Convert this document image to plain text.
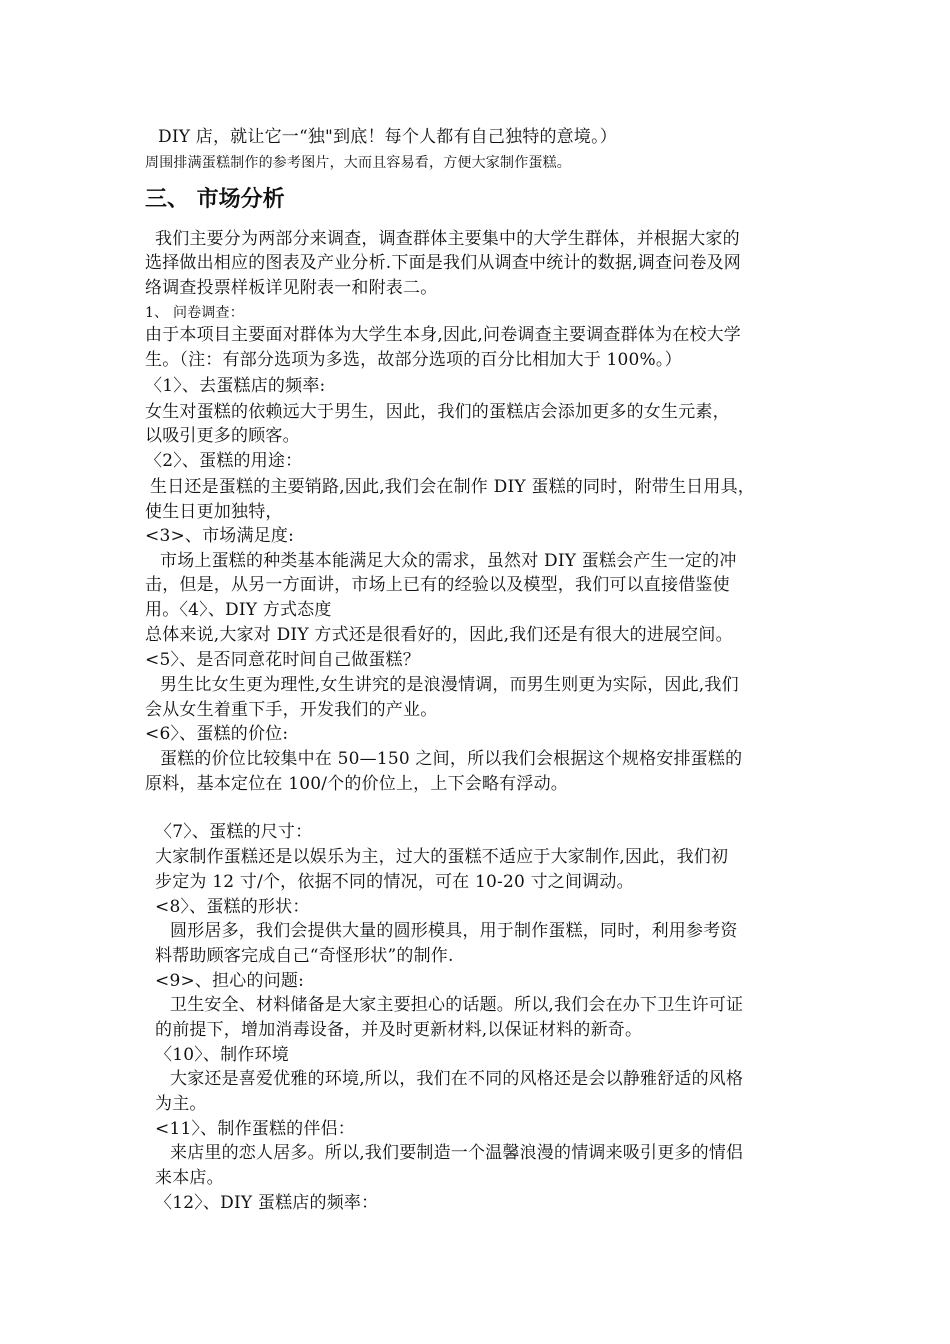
DIY 店，就让它一“独"到底！每个人都有自己独特的意境。）
周围排满蛋糕制作的参考图片，大而且容易看，方便大家制作蛋糕。
三、 市场分析
我们主要分为两部分来调查，调查群体主要集中的大学生群体，并根据大家的
选择做出相应的图表及产业分析.下面是我们从调查中统计的数据,调查问卷及网
络调查投票样板详见附表一和附表二。
1、 问卷调查：
由于本项目主要面对群体为大学生本身,因此,问卷调查主要调查群体为在校大学
生。（注：有部分选项为多选，故部分选项的百分比相加大于 100%。）
〈1〉、去蛋糕店的频率:
女生对蛋糕的依赖远大于男生，因此，我们的蛋糕店会添加更多的女生元素，
以吸引更多的顾客。
〈2〉、蛋糕的用途：
生日还是蛋糕的主要销路,因此,我们会在制作 DIY 蛋糕的同时，附带生日用具，
使生日更加独特，
<3>、市场满足度:
市场上蛋糕的种类基本能满足大众的需求，虽然对 DIY 蛋糕会产生一定的冲
击，但是，从另一方面讲，市场上已有的经验以及模型，我们可以直接借鉴使
用。〈4〉、DIY 方式态度
总体来说,大家对 DIY 方式还是很看好的，因此,我们还是有很大的进展空间。
<5〉、是否同意花时间自己做蛋糕？
男生比女生更为理性,女生讲究的是浪漫情调，而男生则更为实际，因此,我们
会从女生着重下手，开发我们的产业。
<6〉、蛋糕的价位:
蛋糕的价位比较集中在 50—150 之间，所以我们会根据这个规格安排蛋糕的
原料，基本定位在 100/个的价位上，上下会略有浮动。
〈7〉、蛋糕的尺寸：
大家制作蛋糕还是以娱乐为主，过大的蛋糕不适应于大家制作,因此，我们初
步定为 12 寸/个，依据不同的情况，可在 10-20 寸之间调动。
<8〉、蛋糕的形状：
圆形居多，我们会提供大量的圆形模具，用于制作蛋糕，同时，利用参考资
料帮助顾客完成自己“奇怪形状”的制作.
<9>、担心的问题:
卫生安全、材料储备是大家主要担心的话题。所以,我们会在办下卫生许可证
的前提下，增加消毒设备，并及时更新材料,以保证材料的新奇。
〈10〉、制作环境
大家还是喜爱优雅的环境,所以，我们在不同的风格还是会以静雅舒适的风格
为主。
<11〉、制作蛋糕的伴侣：
来店里的恋人居多。所以,我们要制造一个温馨浪漫的情调来吸引更多的情侣
来本店。
〈12〉、DIY 蛋糕店的频率：
